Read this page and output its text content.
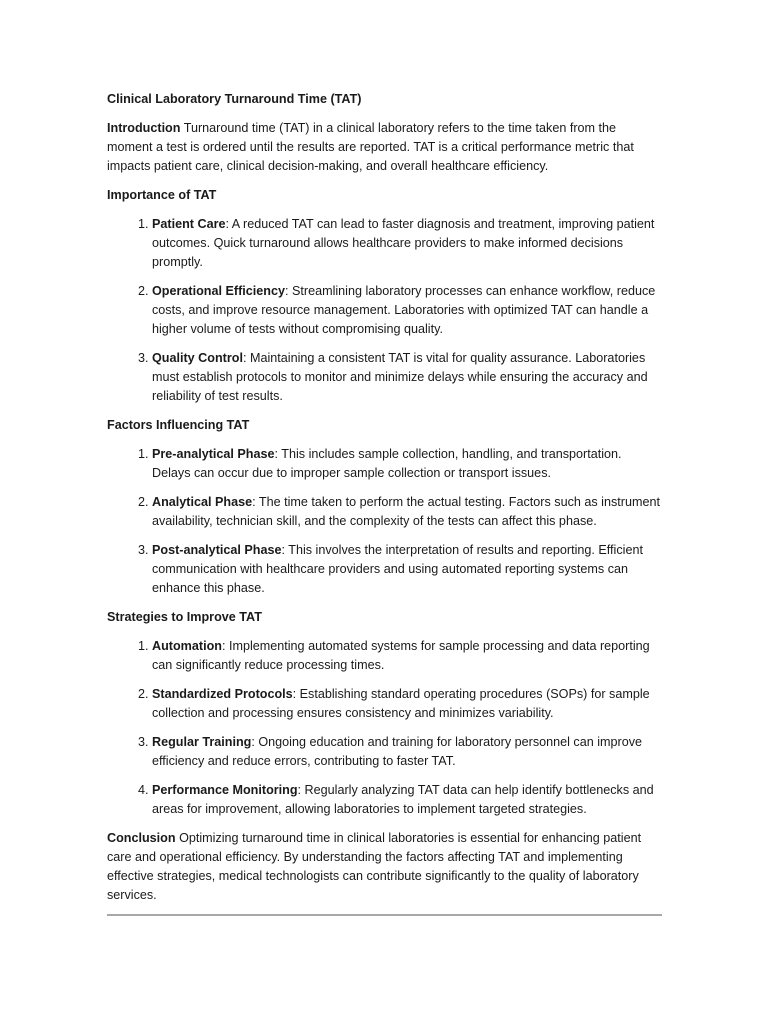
Clinical Laboratory Turnaround Time (TAT)

Introduction Turnaround time (TAT) in a clinical laboratory refers to the time taken from the moment a test is ordered until the results are reported. TAT is a critical performance metric that impacts patient care, clinical decision-making, and overall healthcare efficiency.

Importance of TAT
1. Patient Care: A reduced TAT can lead to faster diagnosis and treatment, improving patient outcomes. Quick turnaround allows healthcare providers to make informed decisions promptly.
2. Operational Efficiency: Streamlining laboratory processes can enhance workflow, reduce costs, and improve resource management. Laboratories with optimized TAT can handle a higher volume of tests without compromising quality.
3. Quality Control: Maintaining a consistent TAT is vital for quality assurance. Laboratories must establish protocols to monitor and minimize delays while ensuring the accuracy and reliability of test results.
Factors Influencing TAT
1. Pre-analytical Phase: This includes sample collection, handling, and transportation. Delays can occur due to improper sample collection or transport issues.
2. Analytical Phase: The time taken to perform the actual testing. Factors such as instrument availability, technician skill, and the complexity of the tests can affect this phase.
3. Post-analytical Phase: This involves the interpretation of results and reporting. Efficient communication with healthcare providers and using automated reporting systems can enhance this phase.
Strategies to Improve TAT
1. Automation: Implementing automated systems for sample processing and data reporting can significantly reduce processing times.
2. Standardized Protocols: Establishing standard operating procedures (SOPs) for sample collection and processing ensures consistency and minimizes variability.
3. Regular Training: Ongoing education and training for laboratory personnel can improve efficiency and reduce errors, contributing to faster TAT.
4. Performance Monitoring: Regularly analyzing TAT data can help identify bottlenecks and areas for improvement, allowing laboratories to implement targeted strategies.

Conclusion Optimizing turnaround time in clinical laboratories is essential for enhancing patient care and operational efficiency. By understanding the factors affecting TAT and implementing effective strategies, medical technologists can contribute significantly to the quality of laboratory services.
